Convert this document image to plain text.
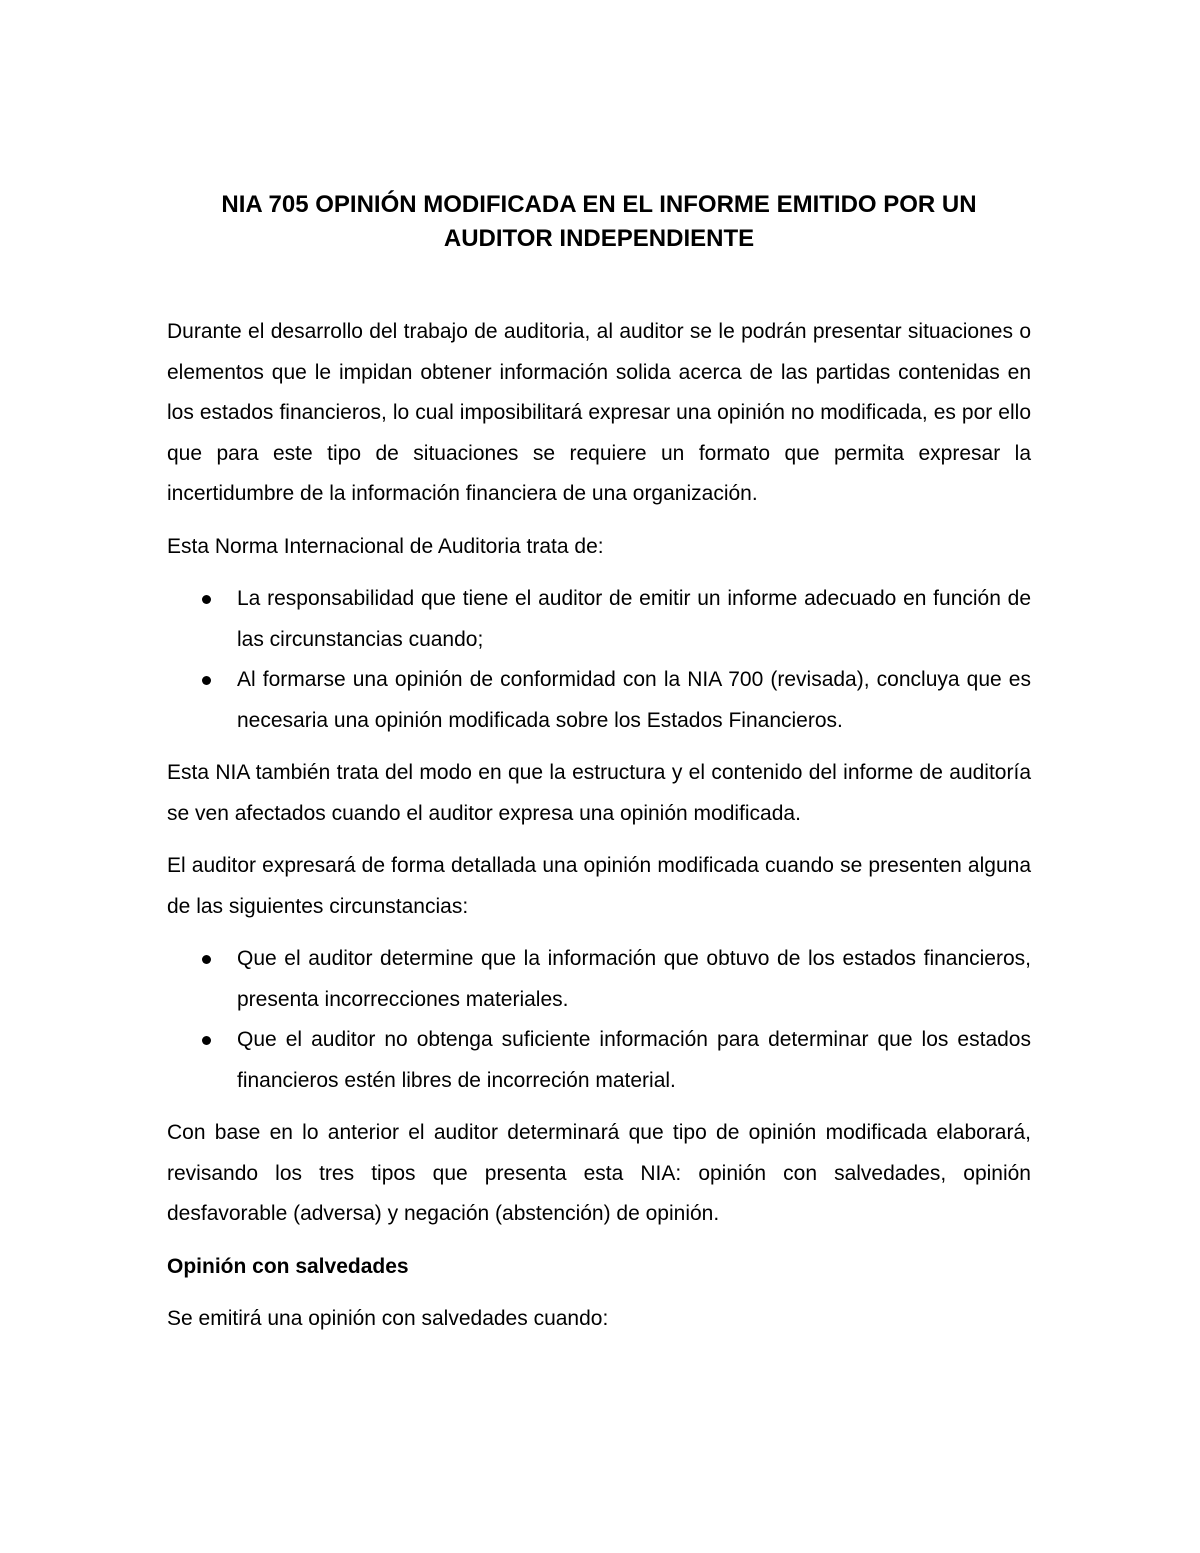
NIA 705 OPINIÓN MODIFICADA EN EL INFORME EMITIDO POR UN AUDITOR INDEPENDIENTE

Durante el desarrollo del trabajo de auditoria, al auditor se le podrán presentar situaciones o elementos que le impidan obtener información solida acerca de las partidas contenidas en los estados financieros, lo cual imposibilitará expresar una opinión no modificada, es por ello que para este tipo de situaciones se requiere un formato que permita expresar la incertidumbre de la información financiera de una organización.

Esta Norma Internacional de Auditoria trata de:

La responsabilidad que tiene el auditor de emitir un informe adecuado en función de las circunstancias cuando;
Al formarse una opinión de conformidad con la NIA 700 (revisada), concluya que es necesaria una opinión modificada sobre los Estados Financieros.

Esta NIA también trata del modo en que la estructura y el contenido del informe de auditoría se ven afectados cuando el auditor expresa una opinión modificada.

El auditor expresará de forma detallada una opinión modificada cuando se presenten alguna de las siguientes circunstancias:

Que el auditor determine que la información que obtuvo de los estados financieros, presenta incorrecciones materiales.
Que el auditor no obtenga suficiente información para determinar que los estados financieros estén libres de incorreción material.

Con base en lo anterior el auditor determinará que tipo de opinión modificada elaborará, revisando los tres tipos que presenta esta NIA: opinión con salvedades, opinión desfavorable (adversa) y negación (abstención) de opinión.

Opinión con salvedades

Se emitirá una opinión con salvedades cuando:
